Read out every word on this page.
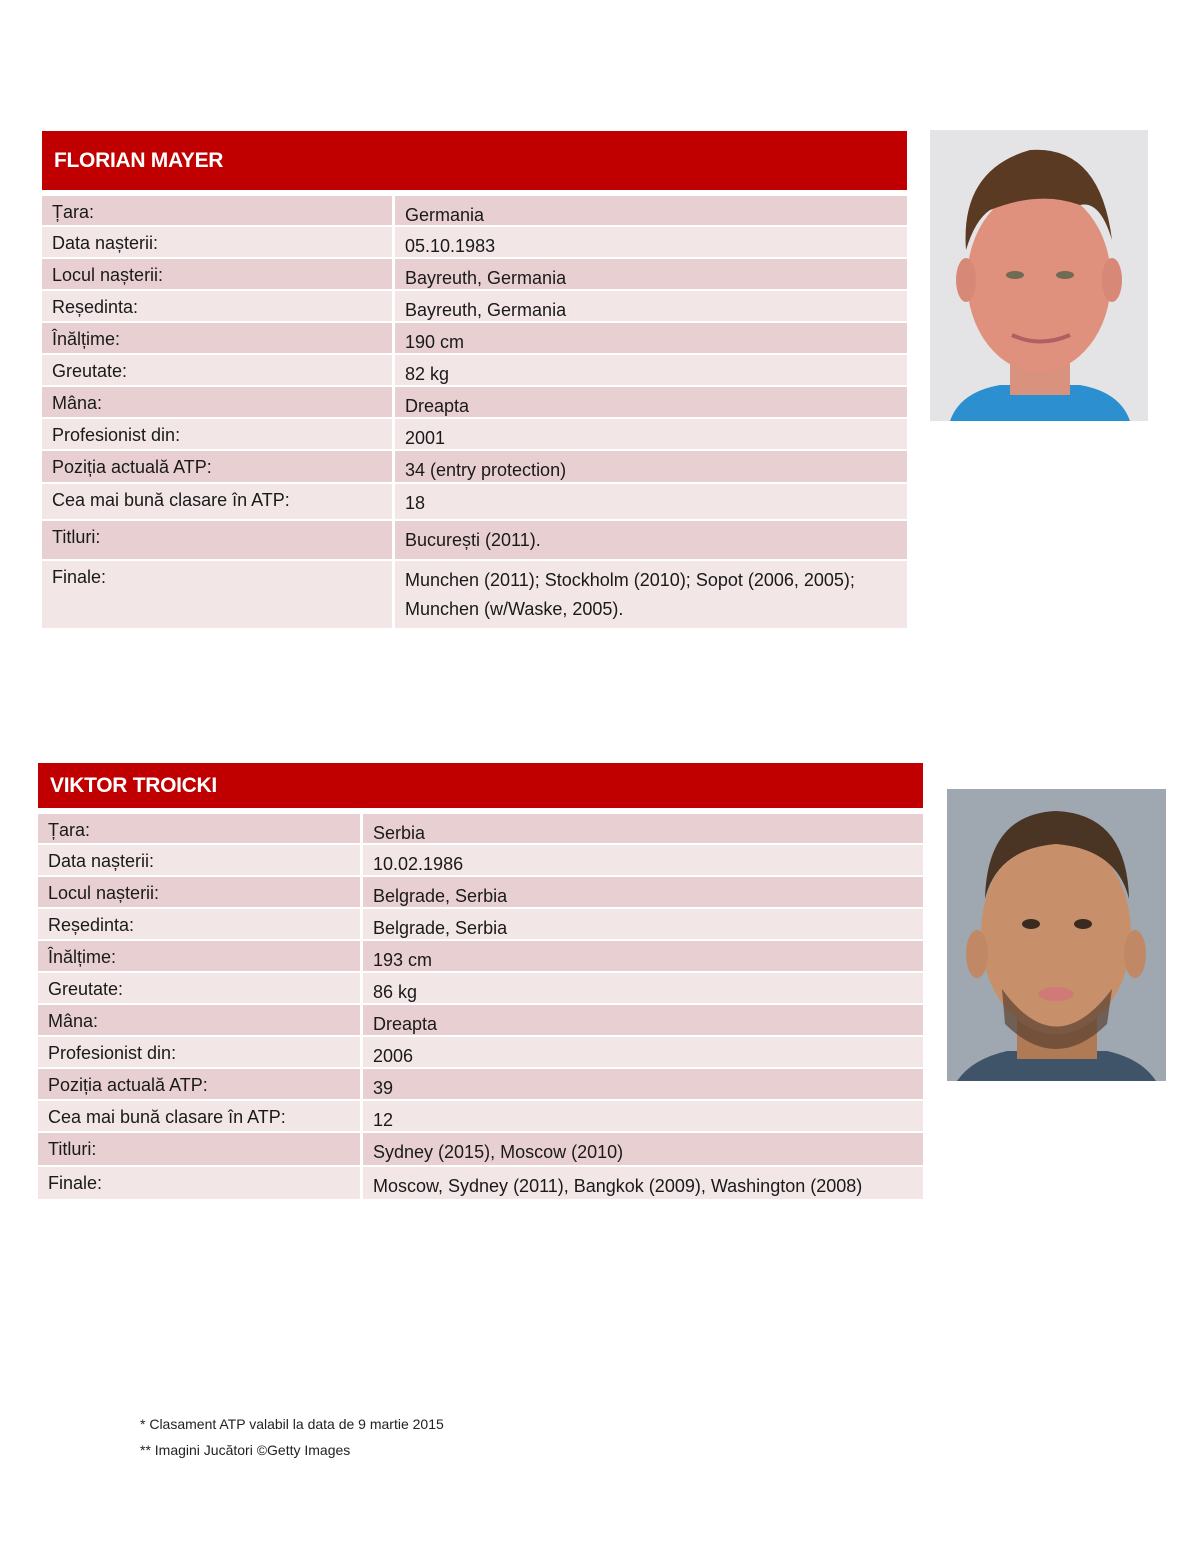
FLORIAN MAYER
Țara:	Germania
Data nașterii:	05.10.1983
Locul nașterii:	Bayreuth, Germania
Reședinta:	Bayreuth, Germania
Înălțime:	190 cm
Greutate:	82 kg
Mâna:	Dreapta
Profesionist din:	2001
Poziția actuală ATP:	34 (entry protection)
Cea mai bună clasare în ATP:	18
Titluri:	București (2011).
Finale:	Munchen (2011); Stockholm (2010); Sopot (2006, 2005); Munchen (w/Waske, 2005).
VIKTOR TROICKI
Țara:	Serbia
Data nașterii:	10.02.1986
Locul nașterii:	Belgrade, Serbia
Reședinta:	Belgrade, Serbia
Înălțime:	193 cm
Greutate:	86 kg
Mâna:	Dreapta
Profesionist din:	2006
Poziția actuală ATP:	39
Cea mai bună clasare în ATP:	12
Titluri:	Sydney (2015), Moscow (2010)
Finale:	Moscow, Sydney (2011), Bangkok (2009), Washington (2008)
* Clasament ATP valabil la data de 9 martie 2015
** Imagini Jucători ©Getty Images
